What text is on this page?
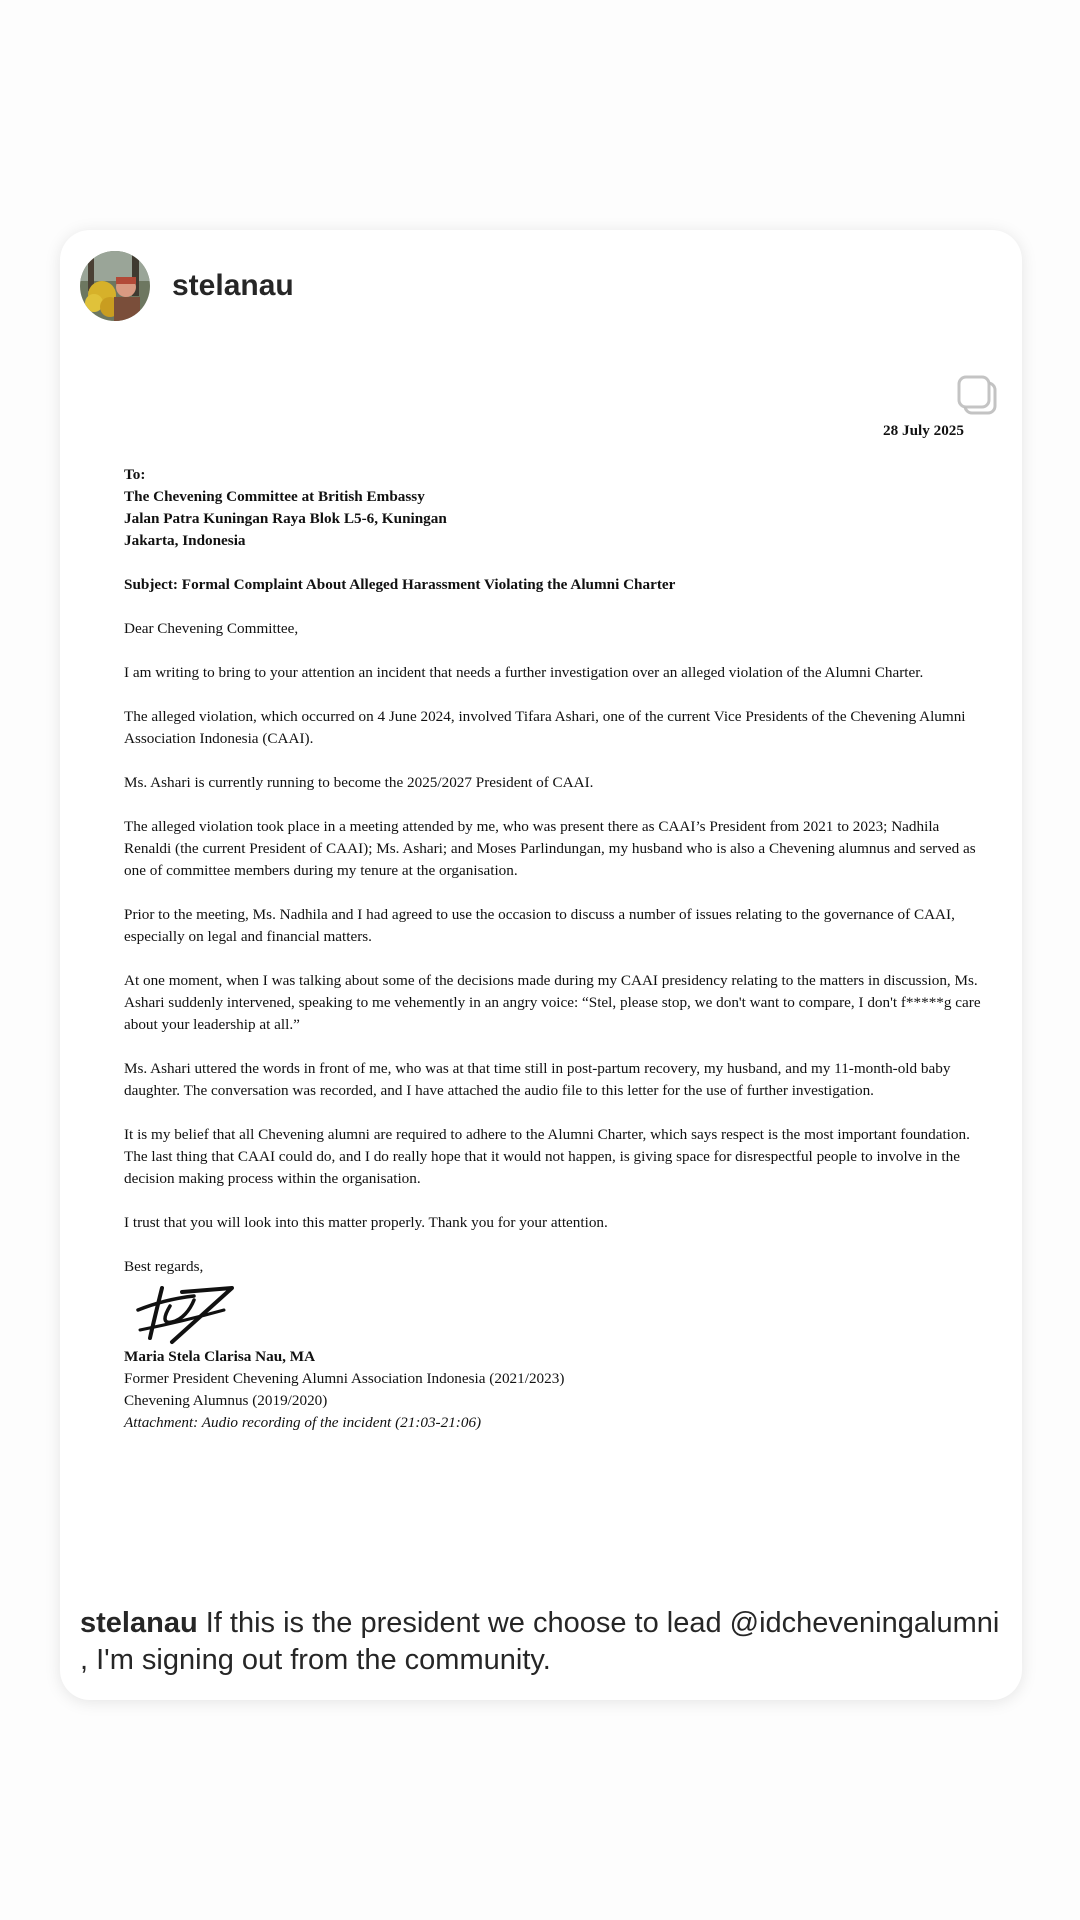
stelanau

28 July 2025

To:
The Chevening Committee at British Embassy
Jalan Patra Kuningan Raya Blok L5-6, Kuningan
Jakarta, Indonesia

Subject: Formal Complaint About Alleged Harassment Violating the Alumni Charter

Dear Chevening Committee,

I am writing to bring to your attention an incident that needs a further investigation over an alleged violation of the Alumni Charter.

The alleged violation, which occurred on 4 June 2024, involved Tifara Ashari, one of the current Vice Presidents of the Chevening Alumni Association Indonesia (CAAI).

Ms. Ashari is currently running to become the 2025/2027 President of CAAI.

The alleged violation took place in a meeting attended by me, who was present there as CAAI’s President from 2021 to 2023; Nadhila Renaldi (the current President of CAAI); Ms. Ashari; and Moses Parlindungan, my husband who is also a Chevening alumnus and served as one of committee members during my tenure at the organisation.

Prior to the meeting, Ms. Nadhila and I had agreed to use the occasion to discuss a number of issues relating to the governance of CAAI, especially on legal and financial matters.

At one moment, when I was talking about some of the decisions made during my CAAI presidency relating to the matters in discussion, Ms. Ashari suddenly intervened, speaking to me vehemently in an angry voice: “Stel, please stop, we don't want to compare, I don't f*****g care about your leadership at all.”

Ms. Ashari uttered the words in front of me, who was at that time still in post-partum recovery, my husband, and my 11-month-old baby daughter. The conversation was recorded, and I have attached the audio file to this letter for the use of further investigation.

It is my belief that all Chevening alumni are required to adhere to the Alumni Charter, which says respect is the most important foundation. The last thing that CAAI could do, and I do really hope that it would not happen, is giving space for disrespectful people to involve in the decision making process within the organisation.

I trust that you will look into this matter properly. Thank you for your attention.

Best regards,

Maria Stela Clarisa Nau, MA
Former President Chevening Alumni Association Indonesia (2021/2023)
Chevening Alumnus (2019/2020)

Attachment: Audio recording of the incident (21:03-21:06)

stelanau If this is the president we choose to lead @idcheveningalumni , I'm signing out from the community.
